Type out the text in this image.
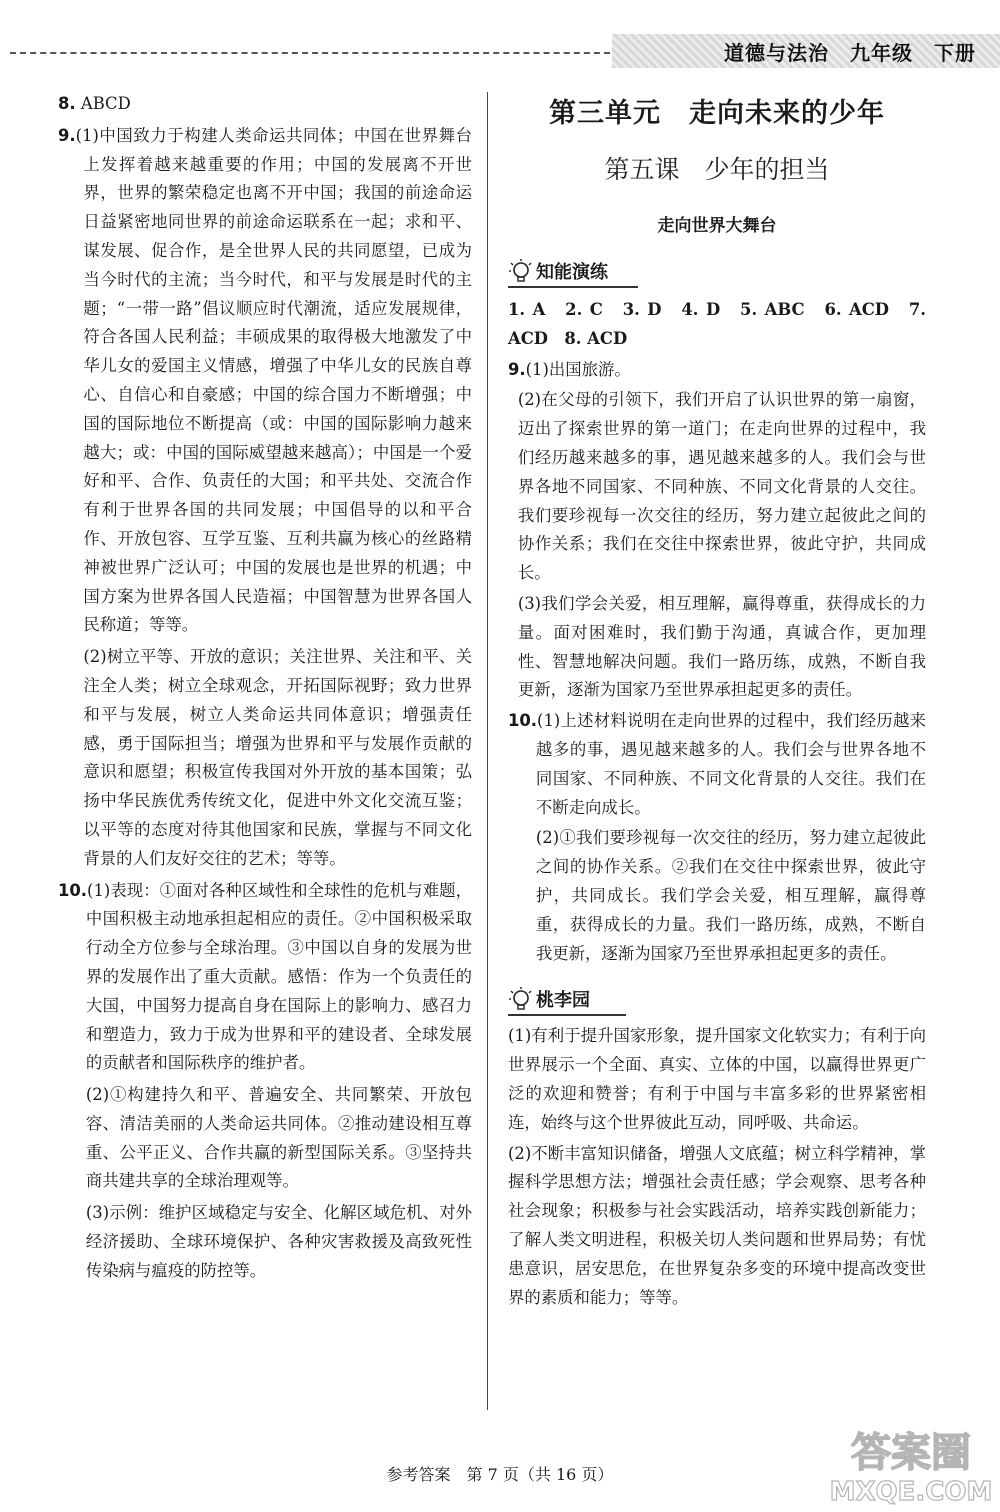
道德与法治　九年级　下册

8. ABCD

9.(1)中国致力于构建人类命运共同体；中国在世界舞台上发挥着越来越重要的作用；中国的发展离不开世界，世界的繁荣稳定也离不开中国；我国的前途命运日益紧密地同世界的前途命运联系在一起；求和平、谋发展、促合作，是全世界人民的共同愿望，已成为当今时代的主流；当今时代，和平与发展是时代的主题；“一带一路”倡议顺应时代潮流，适应发展规律，符合各国人民利益；丰硕成果的取得极大地激发了中华儿女的爱国主义情感，增强了中华儿女的民族自尊心、自信心和自豪感；中国的综合国力不断增强；中国的国际地位不断提高（或：中国的国际影响力越来越大；或：中国的国际威望越来越高）；中国是一个爱好和平、合作、负责任的大国；和平共处、交流合作有利于世界各国的共同发展；中国倡导的以和平合作、开放包容、互学互鉴、互利共赢为核心的丝路精神被世界广泛认可；中国的发展也是世界的机遇；中国方案为世界各国人民造福；中国智慧为世界各国人民称道；等等。

(2)树立平等、开放的意识；关注世界、关注和平、关注全人类；树立全球观念，开拓国际视野；致力世界和平与发展，树立人类命运共同体意识；增强责任感，勇于国际担当；增强为世界和平与发展作贡献的意识和愿望；积极宣传我国对外开放的基本国策；弘扬中华民族优秀传统文化，促进中外文化交流互鉴；以平等的态度对待其他国家和民族，掌握与不同文化背景的人们友好交往的艺术；等等。

10.(1)表现：①面对各种区域性和全球性的危机与难题，中国积极主动地承担起相应的责任。②中国积极采取行动全方位参与全球治理。③中国以自身的发展为世界的发展作出了重大贡献。感悟：作为一个负责任的大国，中国努力提高自身在国际上的影响力、感召力和塑造力，致力于成为世界和平的建设者、全球发展的贡献者和国际秩序的维护者。

(2)①构建持久和平、普遍安全、共同繁荣、开放包容、清洁美丽的人类命运共同体。②推动建设相互尊重、公平正义、合作共赢的新型国际关系。③坚持共商共建共享的全球治理观等。

(3)示例：维护区域稳定与安全、化解区域危机、对外经济援助、全球环境保护、各种灾害救援及高致死性传染病与瘟疫的防控等。

第三单元　走向未来的少年
第五课　少年的担当
走向世界大舞台
知能演练

1. A　2. C　3. D　4. D　5. ABC　6. ACD　7. ACD　8. ACD

9.(1)出国旅游。

(2)在父母的引领下，我们开启了认识世界的第一扇窗，迈出了探索世界的第一道门；在走向世界的过程中，我们经历越来越多的事，遇见越来越多的人。我们会与世界各地不同国家、不同种族、不同文化背景的人交往。我们要珍视每一次交往的经历，努力建立起彼此之间的协作关系；我们在交往中探索世界，彼此守护，共同成长。

(3)我们学会关爱，相互理解，赢得尊重，获得成长的力量。面对困难时，我们勤于沟通，真诚合作，更加理性、智慧地解决问题。我们一路历练，成熟，不断自我更新，逐渐为国家乃至世界承担起更多的责任。

10.(1)上述材料说明在走向世界的过程中，我们经历越来越多的事，遇见越来越多的人。我们会与世界各地不同国家、不同种族、不同文化背景的人交往。我们在不断走向成长。

(2)①我们要珍视每一次交往的经历，努力建立起彼此之间的协作关系。②我们在交往中探索世界，彼此守护，共同成长。我们学会关爱，相互理解，赢得尊重，获得成长的力量。我们一路历练，成熟，不断自我更新，逐渐为国家乃至世界承担起更多的责任。

桃李园

(1)有利于提升国家形象，提升国家文化软实力；有利于向世界展示一个全面、真实、立体的中国，以赢得世界更广泛的欢迎和赞誉；有利于中国与丰富多彩的世界紧密相连，始终与这个世界彼此互动，同呼吸、共命运。

(2)不断丰富知识储备，增强人文底蕴；树立科学精神，掌握科学思想方法；增强社会责任感；学会观察、思考各种社会现象；积极参与社会实践活动，培养实践创新能力；了解人类文明进程，积极关切人类问题和世界局势；有忧患意识，居安思危，在世界复杂多变的环境中提高改变世界的素质和能力；等等。

参考答案　第 7 页（共 16 页）	答案圈
MXQE.COM
